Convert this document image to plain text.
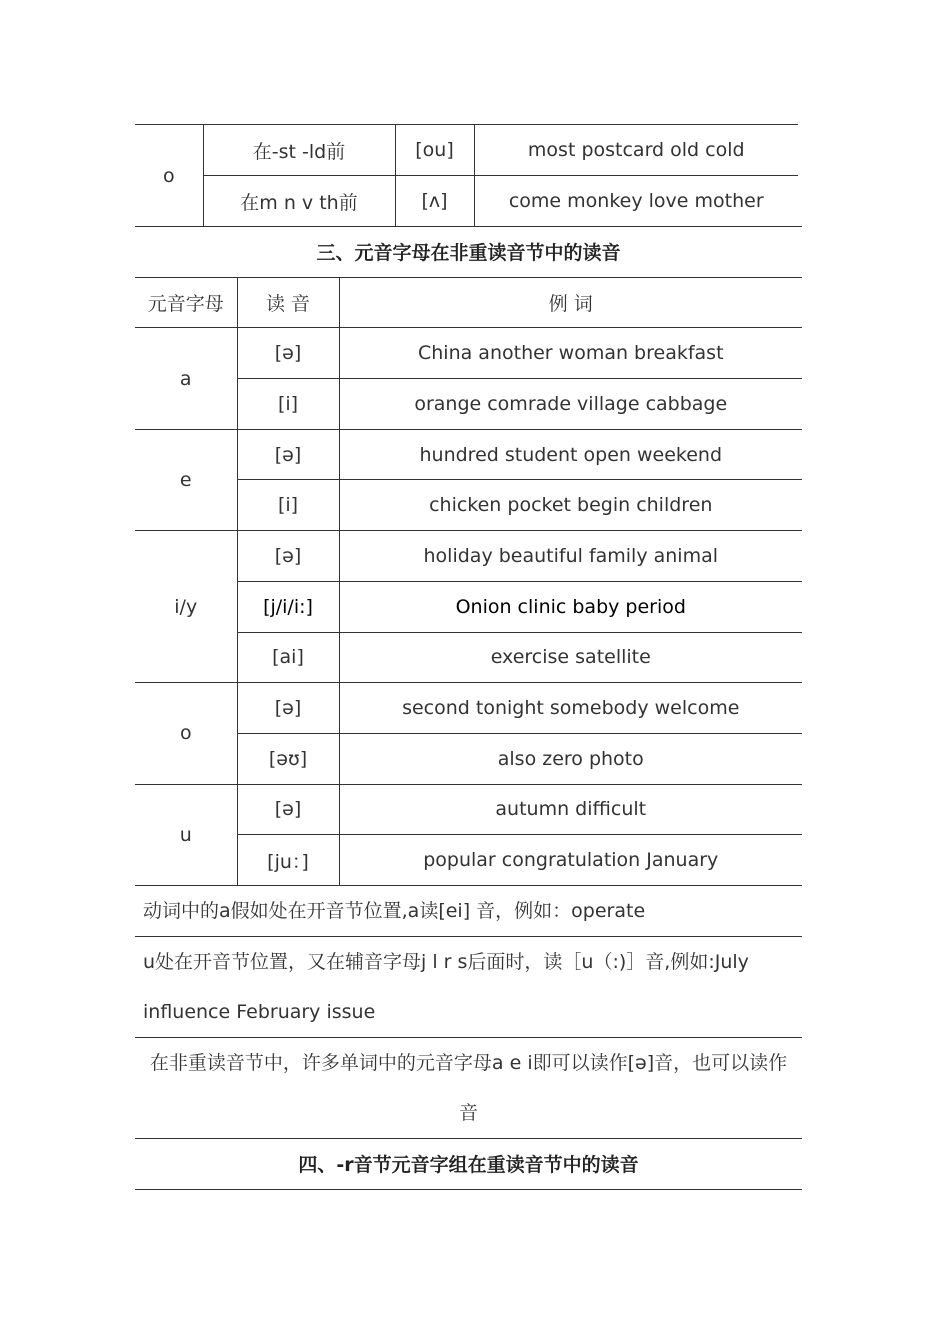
o	在-st -ld前	[ou]	most postcard old cold
	在m n v th前	[ʌ]	come monkey love mother
三、元音字母在非重读音节中的读音		
元音字母	读 音	例 词
a	[ə]	China another woman breakfast
	[i]	orange comrade village cabbage
e	[ə]	hundred student open weekend
	[i]	chicken pocket begin children
i/y	[ə]	holiday beautiful family animal
	[j/i/i:]	Onion clinic baby period
	[ai]	exercise satellite
o	[ə]	second tonight somebody welcome
	[əʊ]	also zero photo
u	[ə]	autumn difficult
	[ju：]	popular congratulation January
动词中的a假如处在开音节位置,a读[ei] 音，例如：operate		
u处在开音节位置，又在辅音字母j l r s后面时，读［u（:)］音,例如:July influence February issue		
在非重读音节中，许多单词中的元音字母a e i即可以读作[ə]音，也可以读作音		
四、-r音节元音字组在重读音节中的读音		
